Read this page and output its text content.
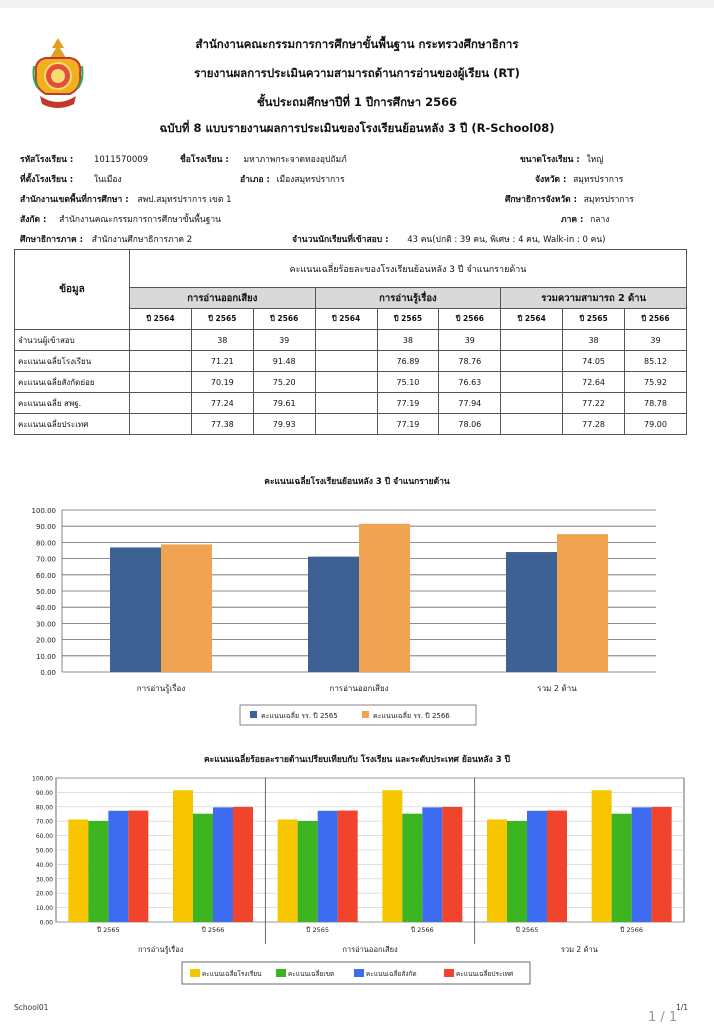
สำนักงานคณะกรรมการการศึกษาขั้นพื้นฐาน กระทรวงศึกษาธิการ
รายงานผลการประเมินความสามารถด้านการอ่านของผู้เรียน (RT)
ชั้นประถมศึกษาปีที่ 1 ปีการศึกษา 2566
ฉบับที่ 8 แบบรายงานผลการประเมินของโรงเรียนย้อนหลัง 3 ปี (R-School08)
รหัสโรงเรียน : 1011570009	ชื่อโรงเรียน : มหาภาพกระจาดทองอุปถัมภ์	ขนาดโรงเรียน : ใหญ่
ที่ตั้งโรงเรียน : ในเมือง	อำเภอ : เมืองสมุทรปราการ	จังหวัด : สมุทรปราการ
สำนักงานเขตพื้นที่การศึกษา : สพป.สมุทรปราการ เขต 1	ศึกษาธิการจังหวัด : สมุทรปราการ
สังกัด : สำนักงานคณะกรรมการการศึกษาขั้นพื้นฐาน	ภาค : กลาง
ศึกษาธิการภาค : สำนักงานศึกษาธิการภาค 2	จำนวนนักเรียนที่เข้าสอบ : 43 คน(ปกติ : 39 คน, พิเศษ : 4 คน, Walk-in : 0 คน)
ข้อมูล	คะแนนเฉลี่ยร้อยละของโรงเรียนย้อนหลัง 3 ปี จำแนกรายด้าน								
	การอ่านออกเสียง			การอ่านรู้เรื่อง			รวมความสามารถ 2 ด้าน		
	ปี 2564	ปี 2565	ปี 2566	ปี 2564	ปี 2565	ปี 2566	ปี 2564	ปี 2565	ปี 2566
จำนวนผู้เข้าสอบ		38	39		38	39		38	39
คะแนนเฉลี่ยโรงเรียน		71.21	91.48		76.89	78.76		74.05	85.12
คะแนนเฉลี่ยสังกัดย่อย		70.19	75.20		75.10	76.63		72.64	75.92
คะแนนเฉลี่ย สพฐ.		77.24	79.61		77.19	77.94		77.22	78.78
คะแนนเฉลี่ยประเทศ		77.38	79.93		77.19	78.06		77.28	79.00
คะแนนเฉลี่ยโรงเรียนย้อนหลัง 3 ปี จำแนกรายด้าน
0.00
10.00
20.00
30.00
40.00
50.00
60.00
70.00
80.00
90.00
100.00
การอ่านรู้เรื่อง	การอ่านออกเสียง	รวม 2 ด้าน
คะแนนเฉลี่ย รร. ปี 2565	คะแนนเฉลี่ย รร. ปี 2566
คะแนนเฉลี่ยร้อยละรายด้านเปรียบเทียบกับ โรงเรียน และระดับประเทศ ย้อนหลัง 3 ปี
0.00
10.00
20.00
30.00
40.00
50.00
60.00
70.00
80.00
90.00
100.00
ปี 2565	ปี 2566
การอ่านรู้เรื่อง
ปี 2565	ปี 2566
การอ่านออกเสียง
ปี 2565	ปี 2566
รวม 2 ด้าน
คะแนนเฉลี่ยโรงเรียน	คะแนนเฉลี่ยเขต	คะแนนเฉลี่ยสังกัด	คะแนนเฉลี่ยประเทศ
School01	1/1
1 / 1
